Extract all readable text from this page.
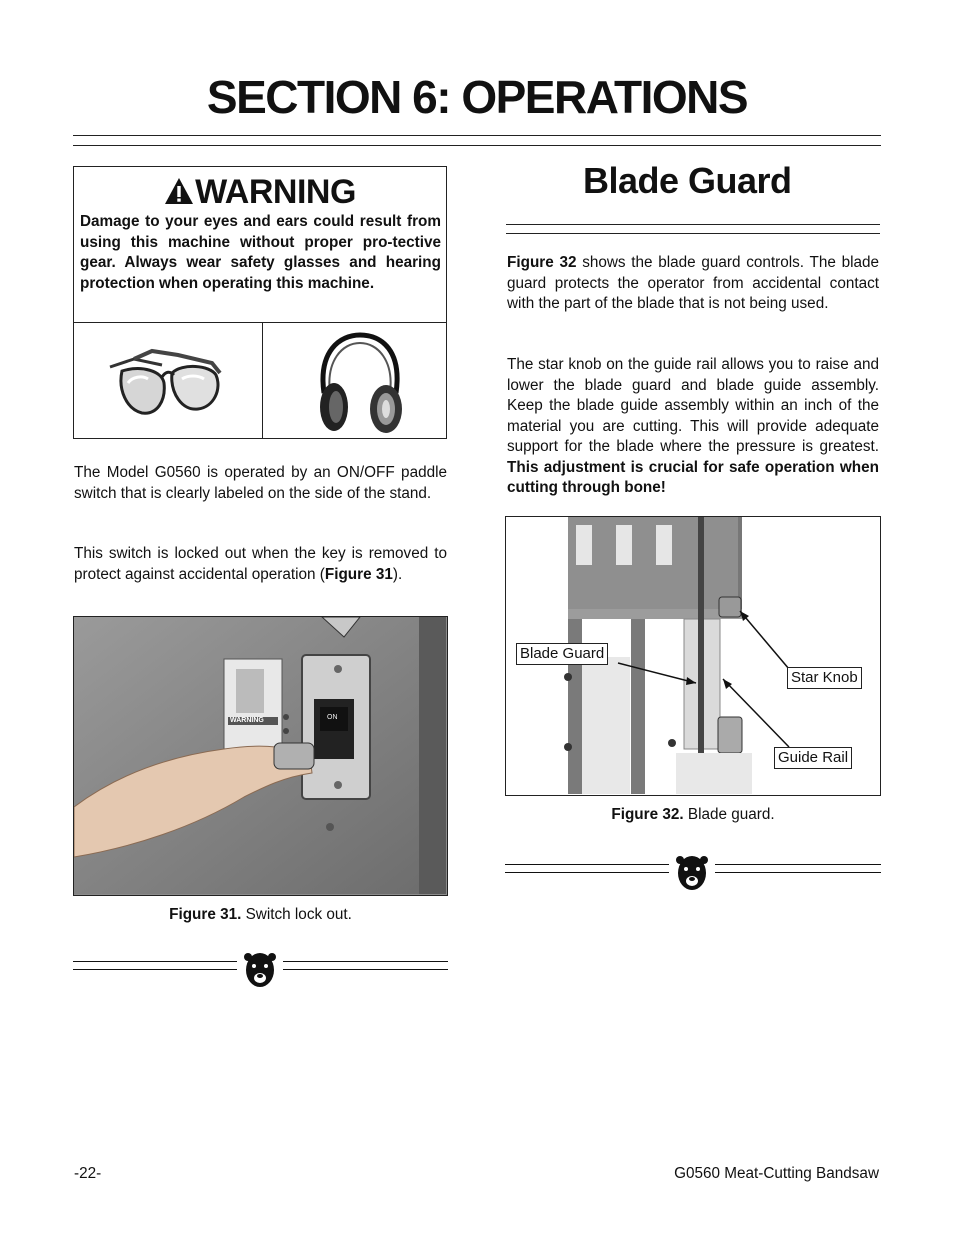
SECTION 6: OPERATIONS
WARNING
Damage to your eyes and ears could result from using this machine without proper pro-tective gear. Always wear safety glasses and hearing protection when operating this machine.
The Model G0560 is operated by an ON/OFF paddle switch that is clearly labeled on the side of the stand.
This switch is locked out when the key is removed to protect against accidental operation (Figure 31).
ON
WARNING
Figure 31. Switch lock out.
Blade Guard
Figure 32 shows the blade guard controls. The blade guard protects the operator from accidental contact with the part of the blade that is not being used.
The star knob on the guide rail allows you to raise and lower the blade guard and blade guide assembly. Keep the blade guide assembly within an inch of the material you are cutting. This will provide adequate support for the blade where the pressure is greatest. This adjustment is crucial for safe operation when cutting through bone!
Blade Guard
Star Knob
Guide Rail
Figure 32. Blade guard.
-22-	G0560 Meat-Cutting Bandsaw
